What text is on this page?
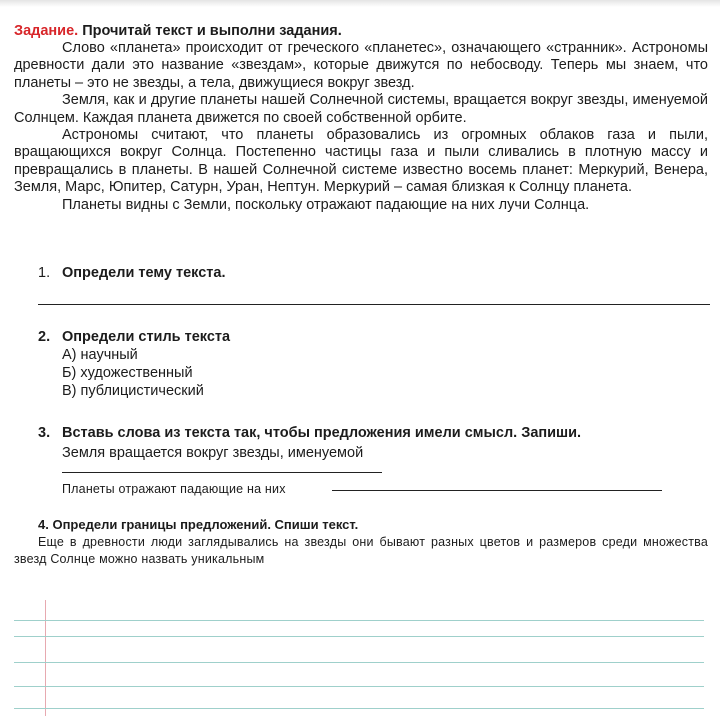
Задание. Прочитай текст и выполни задания.

Слово «планета» происходит от греческого «планетес», означающего «странник». Астрономы древности дали это название «звездам», которые движутся по небосводу. Теперь мы знаем, что планеты – это не звезды, а тела, движущиеся вокруг звезд.

Земля, как и другие планеты нашей Солнечной системы, вращается вокруг звезды, именуемой Солнцем. Каждая планета движется по своей собственной орбите.

Астрономы считают, что планеты образовались из огромных облаков газа и пыли, вращающихся вокруг Солнца. Постепенно частицы газа и пыли сливались в плотную массу и превращались в планеты. В нашей Солнечной системе известно восемь планет: Меркурий, Венера, Земля, Марс, Юпитер, Сатурн, Уран, Нептун. Меркурий – самая близкая к Солнцу планета.

Планеты видны с Земли, поскольку отражают падающие на них лучи Солнца.

1. Определи тему текста.
2. Определи стиль текста
А) научный
Б) художественный
В) публицистический
3. Вставь слова из текста так, чтобы предложения имели смысл. Запиши.
Земля вращается вокруг звезды, именуемой
Планеты отражают падающие на них
4. Определи границы предложений. Спиши текст.
Еще в древности люди заглядывались на звезды они бывают разных цветов и размеров среди множества звезд Солнце можно назвать уникальным
